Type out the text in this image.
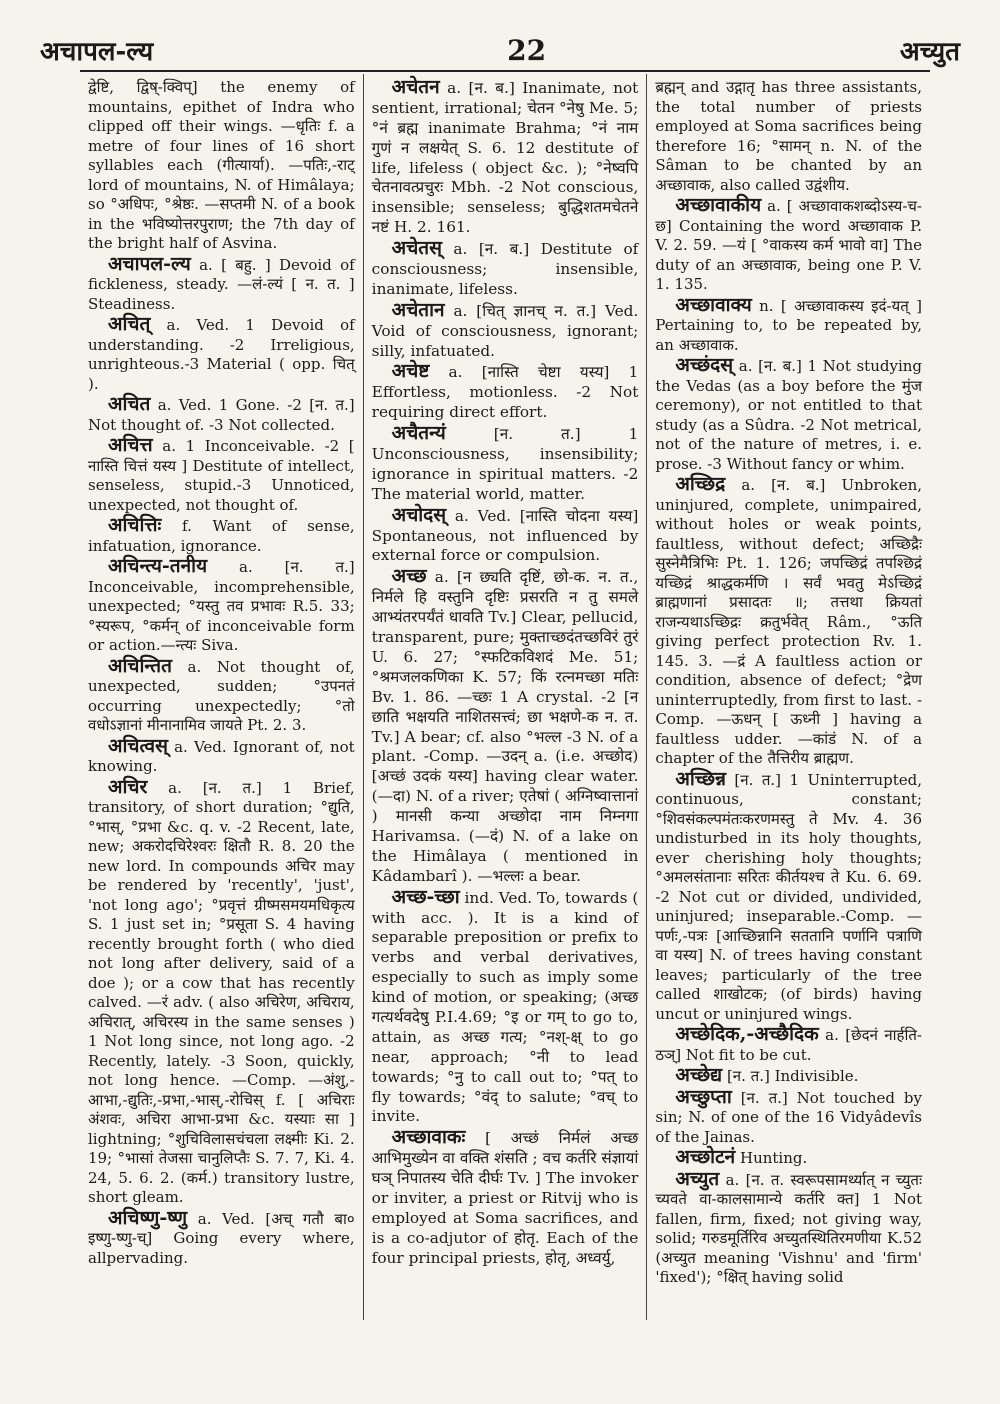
अचापल-ल्य	22	अच्युत

द्वेष्टि, द्विष्-क्विप्] the enemy of mountains, epithet of Indra who clipped off their wings. —धृतिः f. a metre of four lines of 16 short syllables each (गीत्यार्या). —पतिः,-राट् lord of mountains, N. of Himâlaya; so °अधिपः, °श्रेष्ठः. —सप्तमी N. of a book in the भविष्योत्तरपुराण; the 7th day of the bright half of Asvina.

अचापल-ल्य a. [ बहु. ] Devoid of fickleness, steady. —लं-ल्यं [ न. त. ] Steadiness.

अचित् a. Ved. 1 Devoid of understanding. -2 Irreligious, unrighteous.-3 Material ( opp. चित् ).

अचित a. Ved. 1 Gone. -2 [न. त.] Not thought of. -3 Not collected.

अचित्त a. 1 Inconceivable. -2 [ नास्ति चित्तं यस्य ] Destitute of intellect, senseless, stupid.-3 Unnoticed, unexpected, not thought of.

अचित्तिः f. Want of sense, infatuation, ignorance.

अचिन्त्य-तनीय a. [न. त.] Inconceivable, incomprehensible, unexpected; °यस्तु तव प्रभावः R.5. 33; °स्यरूप, °कर्मन् of inconceivable form or action.—न्त्यः Siva.

अचिन्तित a. Not thought of, unexpected, sudden; °उपनतं occurring unexpectedly; °तो वधोऽज्ञानां मीनानामिव जायते Pt. 2. 3.

अचित्वस् a. Ved. Ignorant of, not knowing.

अचिर a. [न. त.] 1 Brief, transitory, of short duration; °द्युति, °भास्, °प्रभा &c. q. v. -2 Recent, late, new; अकरोदचिरेश्वरः क्षितौ R. 8. 20 the new lord. In compounds अचिर may be rendered by 'recently', 'just', 'not long ago'; °प्रवृत्तं ग्रीष्मसमयमधिकृत्य S. 1 just set in; °प्रसूता S. 4 having recently brought forth ( who died not long after delivery, said of a doe ); or a cow that has recently calved. —रं adv. ( also अचिरेण, अचिराय, अचिरात्, अचिरस्य in the same senses ) 1 Not long since, not long ago. -2 Recently, lately. -3 Soon, quickly, not long hence. —Comp. —अंशु,-आभा,-द्युतिः,-प्रभा,-भास्,-रोचिस् f. [ अचिराः अंशवः, अचिरा आभा-प्रभा &c. यस्याः सा ] lightning; °शुचिविलासचंचला लक्ष्मीः Ki. 2. 19; °भासां तेजसा चानुलिप्तैः S. 7. 7, Ki. 4. 24, 5. 6. 2. (कर्म.) transitory lustre, short gleam.

अचिष्णु-ष्णु a. Ved. [अच् गतौ बा० इष्णु-ष्णु-च्] Going every where, allpervading.

अचेतन a. [न. ब.] Inanimate, not sentient, irrational; चेतन °नेषु Me. 5; °नं ब्रह्म inanimate Brahma; °नं नाम गुणं न लक्षयेत् S. 6. 12 destitute of life, lifeless ( object &c. ); °नेष्वपि चेतनावत्प्रचुरः Mbh. -2 Not conscious, insensible; senseless; बुद्धिशतमचेतने नष्टं H. 2. 161.

अचेतस् a. [न. ब.] Destitute of consciousness; insensible, inanimate, lifeless.

अचेतान a. [चित् ज्ञानच् न. त.] Ved. Void of consciousness, ignorant; silly, infatuated.

अचेष्ट a. [नास्ति चेष्टा यस्य] 1 Effortless, motionless. -2 Not requiring direct effort.

अचैतन्यं	[न. त.] 1 Unconsciousness, insensibility; ignorance in spiritual matters. -2 The material world, matter.

अचोदस् a. Ved. [नास्ति चोदना यस्य] Spontaneous, not influenced by external force or compulsion.

अच्छ a. [न छ्यति दृष्टिं, छो-क. न. त., निर्मले हि वस्तुनि दृष्टिः प्रसरति न तु समले आभ्यंतरपर्यंतं धावति Tv.] Clear, pellucid, transparent, pure; मुक्ताच्छदंतच्छविरं तुरं U. 6. 27; °स्फटिकविशदं Me. 51; °श्रमजलकणिका K. 57; किं रत्नमच्छा मतिः Bv. 1. 86. —च्छः 1 A crystal. -2 [न छाति भक्षयति नाशितसत्त्वं; छा भक्षणे-क न. त. Tv.] A bear; cf. also °भल्ल -3 N. of a plant. -Comp. —उदन् a. (i.e. अच्छोद) [अच्छं उदकं यस्य] having clear water. (—दा) N. of a river; एतेषां ( अग्निष्वात्तानां ) मानसी कन्या अच्छोदा नाम निम्नगा Harivamsa. (—दं) N. of a lake on the Himâlaya ( mentioned in Kâdambarî ). —भल्लः a bear.

अच्छ-च्छा ind. Ved. To, towards ( with acc. ). It is a kind of separable preposition or prefix to verbs and verbal derivatives, especially to such as imply some kind of motion, or speaking; (अच्छ गत्यर्थवदेषु P.I.4.69; °इ or गम् to go to, attain, as अच्छ गत्य; °नश्-क्ष् to go near, approach; °नी to lead towards; °नु to call out to; °पत् to fly towards; °वंद् to salute; °वच् to invite.

अच्छावाकः [ अच्छं निर्मलं अच्छ आभिमुख्येन वा वक्ति शंसति ; वच कर्तरि संज्ञायां घञ् निपातस्य चेति दीर्घः Tv. ] The invoker or inviter, a priest or Ritvij who is employed at Soma sacrifices, and is a co-adjutor of होतृ. Each of the four principal priests, होतृ, अध्वर्यु,

ब्रह्मन् and उद्गातृ has three assistants, the total number of priests employed at Soma sacrifices being therefore 16; °सामन् n. N. of the Sâman to be chanted by an अच्छावाक, also called उद्वंशीय.

अच्छावाकीय a. [ अच्छावाकशब्दोऽस्य-च-छ] Containing the word अच्छावाक P. V. 2. 59. —यं [ °वाकस्य कर्म भावो वा] The duty of an अच्छावाक, being one P. V. 1. 135.

अच्छावाक्य n. [ अच्छावाकस्य इदं-यत् ] Pertaining to, to be repeated by, an अच्छावाक.

अच्छंदस् a. [न. ब.] 1 Not studying the Vedas (as a boy before the मुंज ceremony), or not entitled to that study (as a Sûdra. -2 Not metrical, not of the nature of metres, i. e. prose. -3 Without fancy or whim.

अच्छिद्र a. [न. ब.] Unbroken, uninjured, complete, unimpaired, without holes or weak points, faultless, without defect; अच्छिद्रैः सुस्नेमैत्रिभिः Pt. 1. 126; जपच्छिद्रं तपश्छिद्रं यच्छिद्रं श्राद्धकर्मणि । सर्वं भवतु मेऽच्छिद्रं ब्राह्मणानां प्रसादतः ॥; तत्तथा क्रियतां राजन्यथाऽच्छिद्रः क्रतुर्भवेत् Râm., °ऊति giving perfect protection Rv. 1. 145. 3. —द्रं A faultless action or condition, absence of defect; °द्रेण uninterruptedly, from first to last. -Comp. —ऊधन् [ ऊध्नी ] having a faultless udder. —कांडं N. of a chapter of the तैत्तिरीय ब्राह्मण.

अच्छिन्न [न. त.] 1 Uninterrupted, continuous, constant; °शिवसंकल्पमंतःकरणमस्तु ते Mv. 4. 36 undisturbed in its holy thoughts, ever cherishing holy thoughts; °अमलसंतानाः सरितः कीर्तयश्च ते Ku. 6. 69. -2 Not cut or divided, undivided, uninjured; inseparable.-Comp. —पर्णः,-पत्रः [आच्छिन्नानि सततानि पर्णानि पत्राणि वा यस्य] N. of trees having constant leaves; particularly of the tree called शाखोटक; (of birds) having uncut or uninjured wings.

अच्छेदिक,-अच्छैदिक a. [छेदनं नार्हति-ठञ्] Not fit to be cut.

अच्छेद्य [न. त.] Indivisible.

अच्छुप्ता [न. त.] Not touched by sin; N. of one of the 16 Vidyâdevîs of the Jainas.

अच्छोटनं Hunting.

अच्युत a. [न. त. स्वरूपसामर्थ्यात् न च्युतः च्यवते वा-कालसामान्ये कर्तरि क्त] 1 Not fallen, firm, fixed; not giving way, solid; गरुडमूर्तिरिव अच्युतस्थितिरमणीया K.52 (अच्युत meaning 'Vishnu' and 'firm' 'fixed'); °क्षित् having solid
